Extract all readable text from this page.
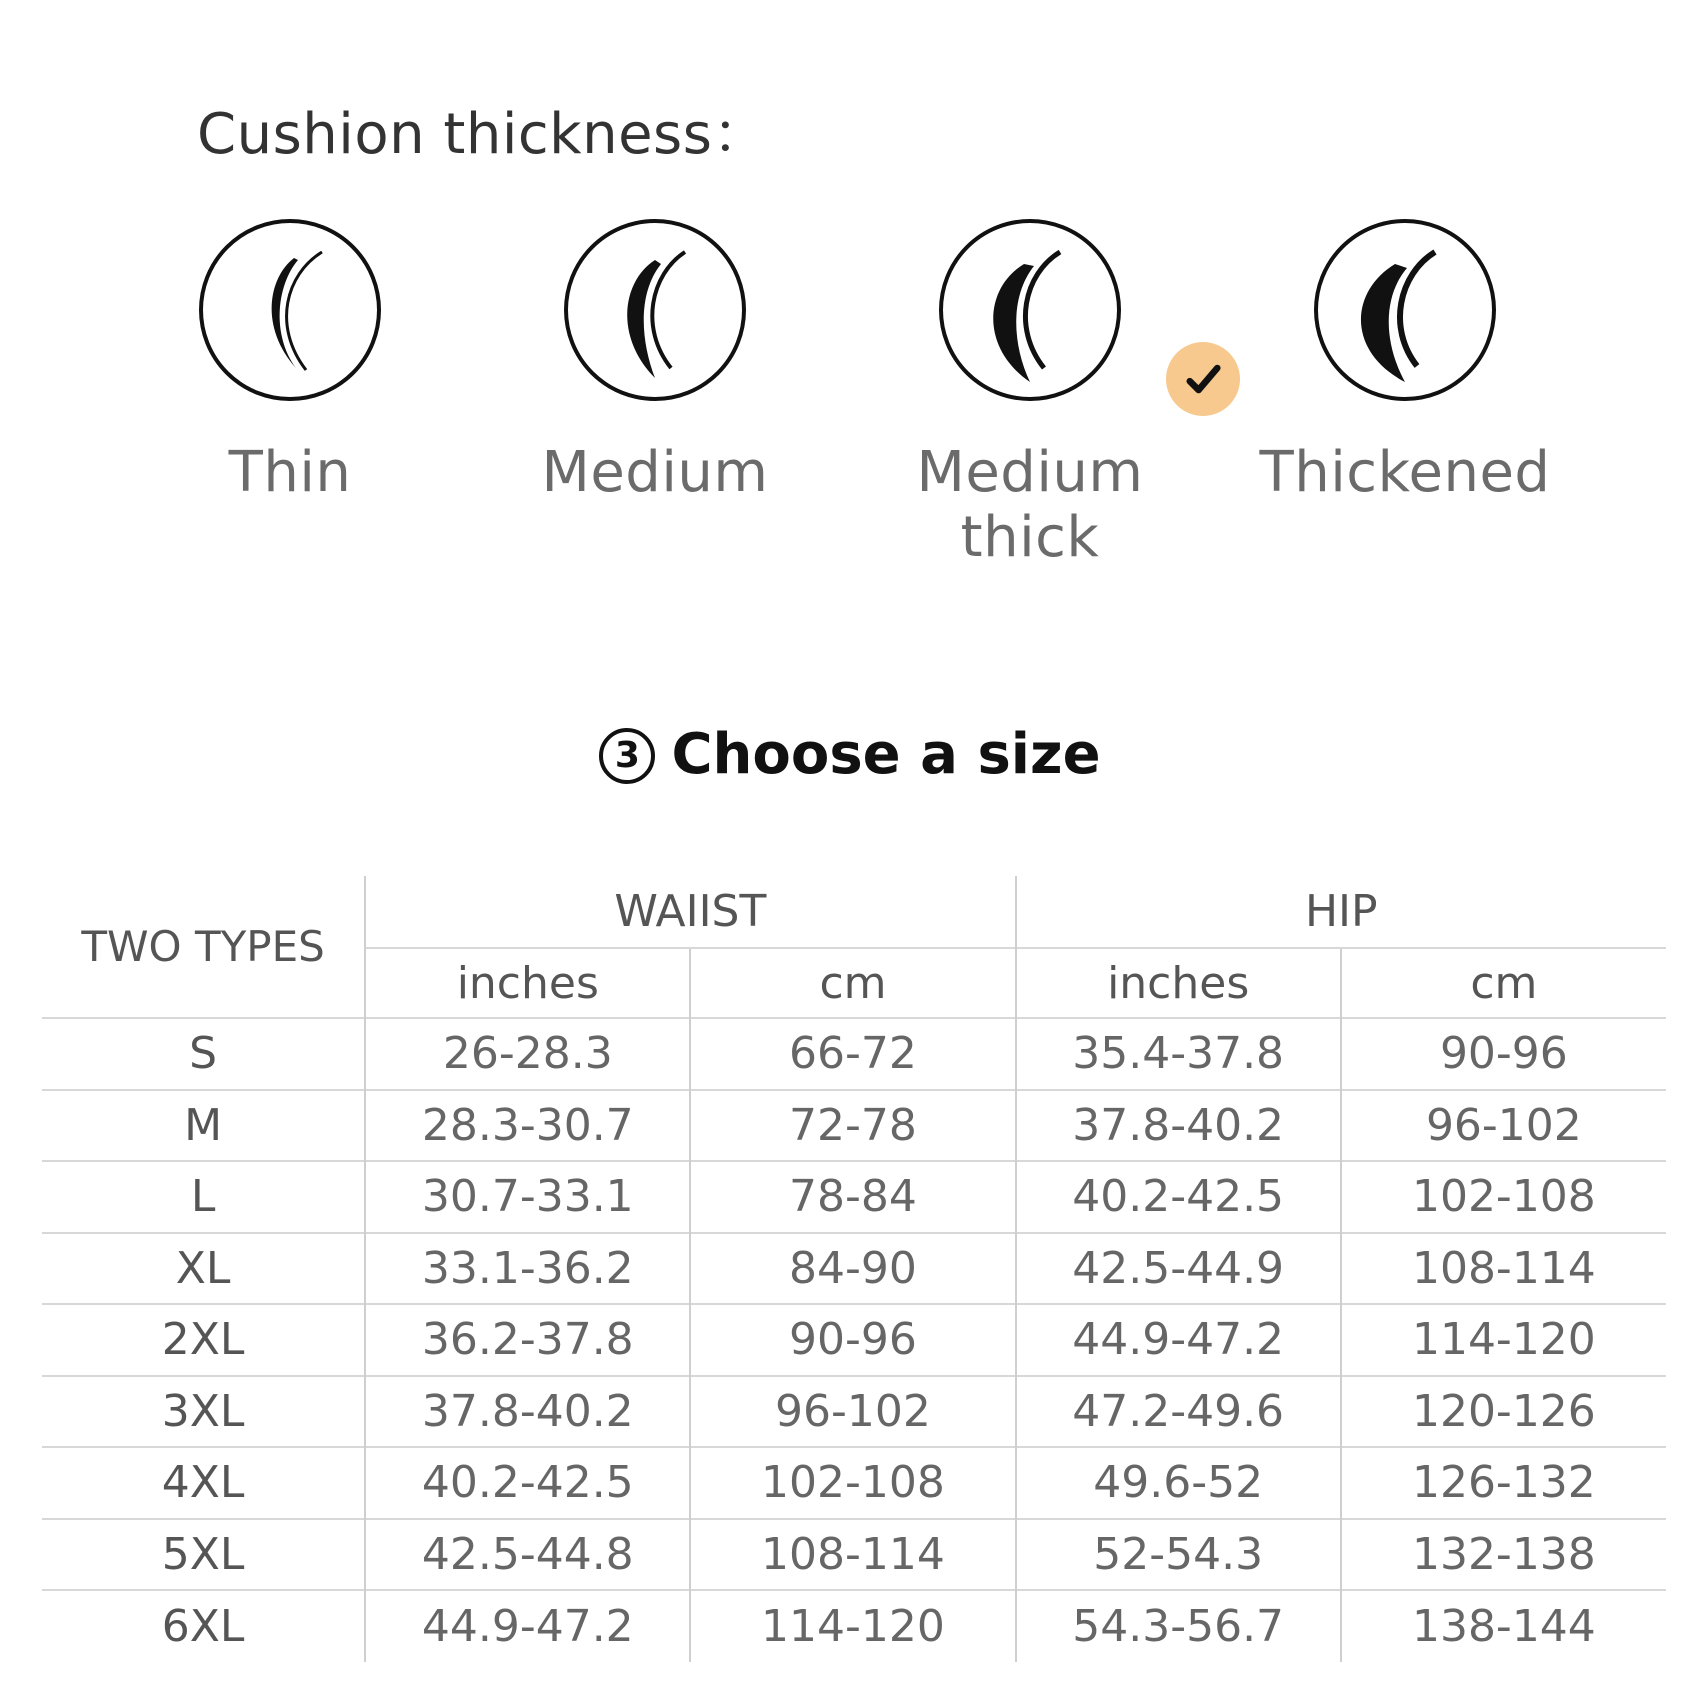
Cushion thickness：
Thin	Medium	Medium thick
Thickened
3 Choose a size
TWO TYPES	WAIIST		HIP	
	inches	cm	inches	cm
S	26-28.3	66-72	35.4-37.8	90-96
M	28.3-30.7	72-78	37.8-40.2	96-102
L	30.7-33.1	78-84	40.2-42.5	102-108
XL	33.1-36.2	84-90	42.5-44.9	108-114
2XL	36.2-37.8	90-96	44.9-47.2	114-120
3XL	37.8-40.2	96-102	47.2-49.6	120-126
4XL	40.2-42.5	102-108	49.6-52	126-132
5XL	42.5-44.8	108-114	52-54.3	132-138
6XL	44.9-47.2	114-120	54.3-56.7	138-144
